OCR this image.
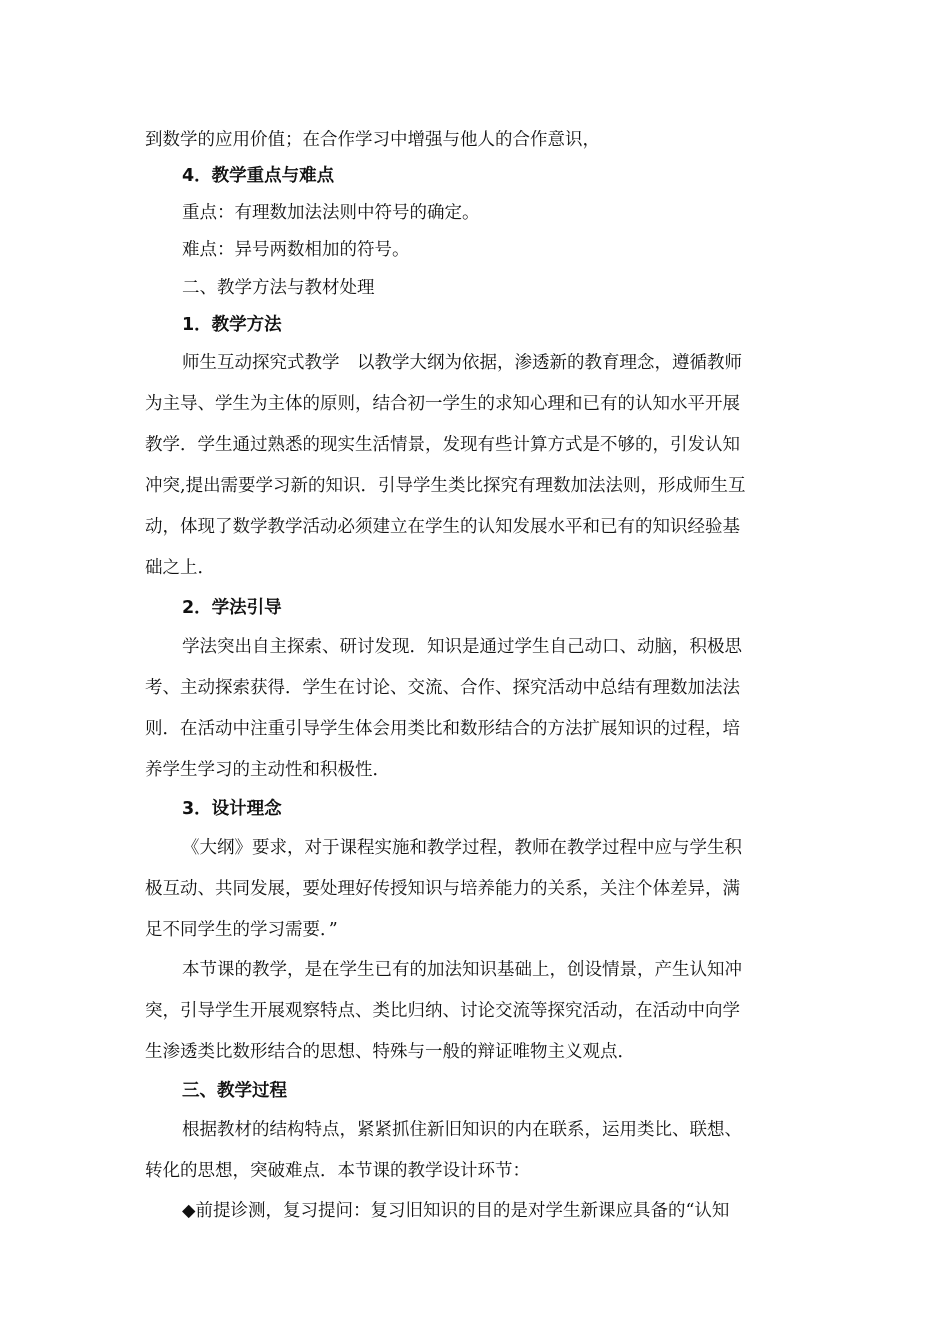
到数学的应用价值；在合作学习中增强与他人的合作意识，
4．教学重点与难点
重点：有理数加法法则中符号的确定。
难点：异号两数相加的符号。
二、教学方法与教材处理
1．教学方法
师生互动探究式教学　以教学大纲为依据，渗透新的教育理念，遵循教师
为主导、学生为主体的原则，结合初一学生的求知心理和已有的认知水平开展
教学．学生通过熟悉的现实生活情景，发现有些计算方式是不够的，引发认知
冲突,提出需要学习新的知识．引导学生类比探究有理数加法法则，形成师生互
动，体现了数学教学活动必须建立在学生的认知发展水平和已有的知识经验基
础之上．
2．学法引导
学法突出自主探索、研讨发现．知识是通过学生自己动口、动脑，积极思
考、主动探索获得．学生在讨论、交流、合作、探究活动中总结有理数加法法
则．在活动中注重引导学生体会用类比和数形结合的方法扩展知识的过程，培
养学生学习的主动性和积极性．
3．设计理念
《大纲》要求，对于课程实施和教学过程，教师在教学过程中应与学生积
极互动、共同发展，要处理好传授知识与培养能力的关系，关注个体差异，满
足不同学生的学习需要．”
本节课的教学，是在学生已有的加法知识基础上，创设情景，产生认知冲
突，引导学生开展观察特点、类比归纳、讨论交流等探究活动，在活动中向学
生渗透类比数形结合的思想、特殊与一般的辩证唯物主义观点．
三、教学过程
根据教材的结构特点，紧紧抓住新旧知识的内在联系，运用类比、联想、
转化的思想，突破难点．本节课的教学设计环节：
◆前提诊测，复习提问：复习旧知识的目的是对学生新课应具备的“认知
